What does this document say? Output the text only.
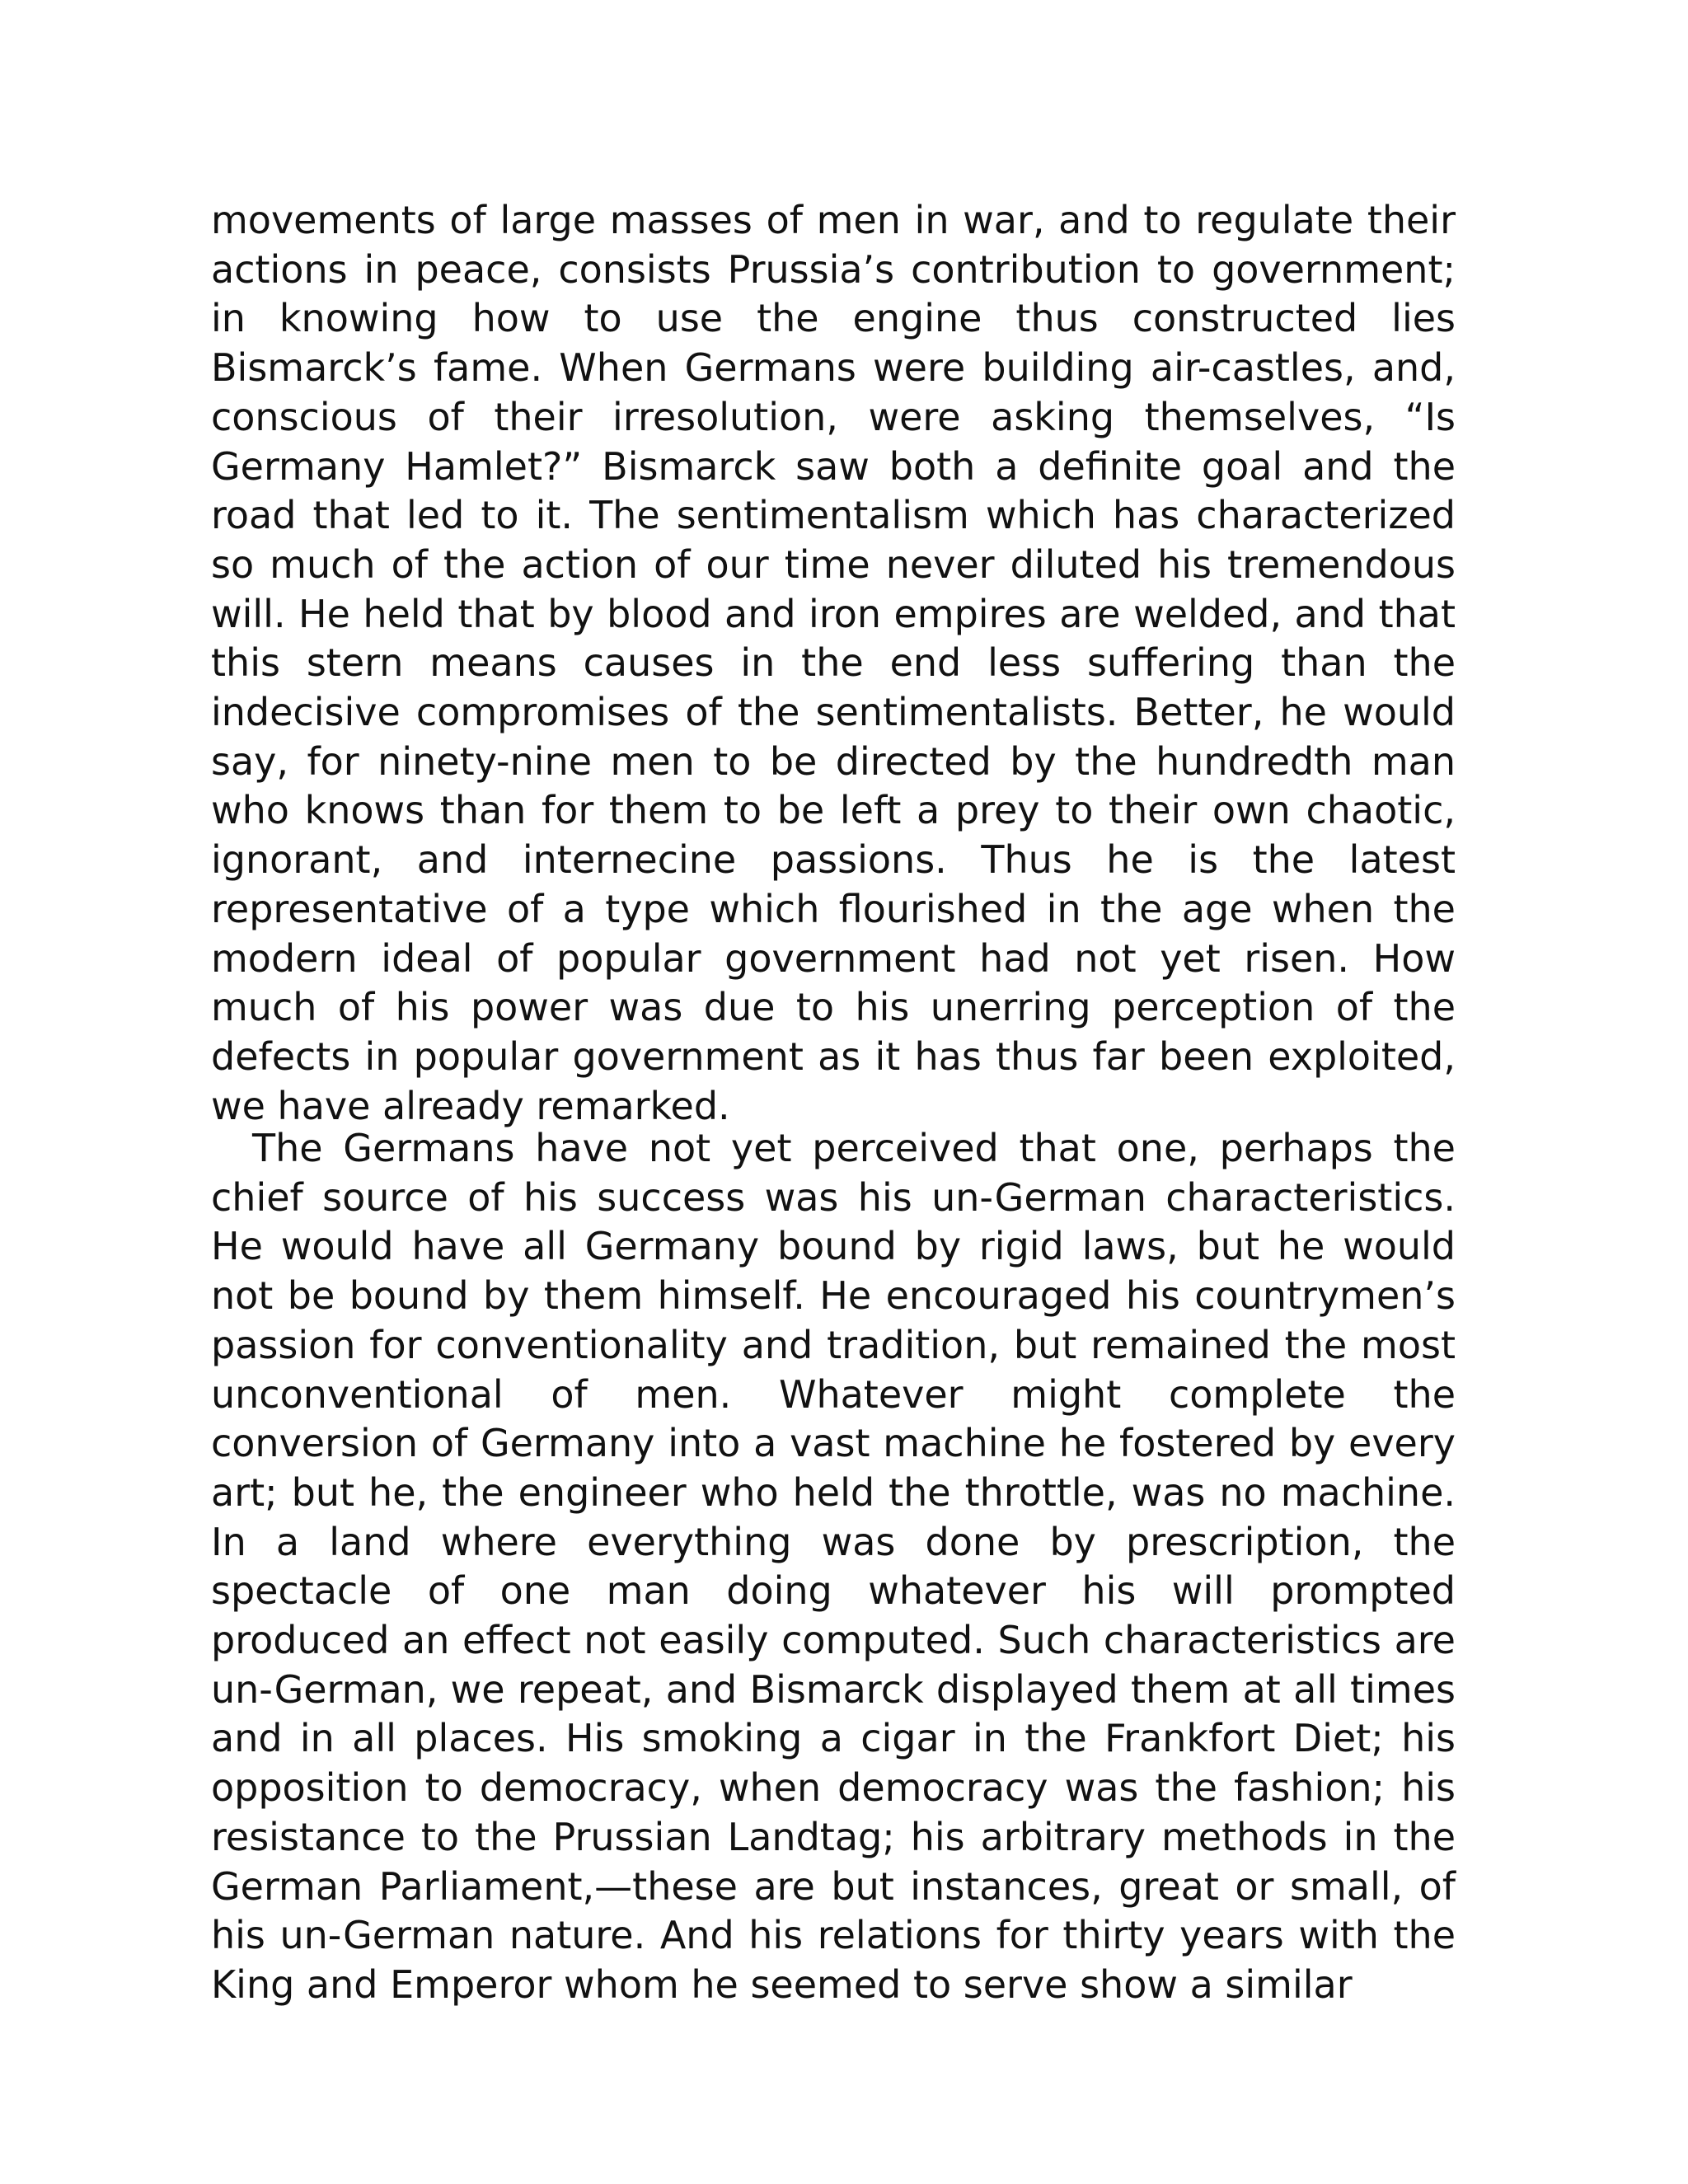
movements of large masses of men in war, and to regulate their actions in peace, consists Prussia’s contribution to government; in knowing how to use the engine thus constructed lies Bismarck’s fame. When Germans were building air-castles, and, conscious of their irresolution, were asking themselves, “Is Germany Hamlet?” Bismarck saw both a definite goal and the road that led to it. The sentimentalism which has characterized so much of the action of our time never diluted his tremendous will. He held that by blood and iron empires are welded, and that this stern means causes in the end less suffering than the indecisive compromises of the sentimentalists. Better, he would say, for ninety-nine men to be directed by the hundredth man who knows than for them to be left a prey to their own chaotic, ignorant, and internecine passions. Thus he is the latest representative of a type which flourished in the age when the modern ideal of popular government had not yet risen. How much of his power was due to his unerring perception of the defects in popular government as it has thus far been exploited, we have already remarked.

The Germans have not yet perceived that one, perhaps the chief source of his success was his un-German characteristics. He would have all Germany bound by rigid laws, but he would not be bound by them himself. He encouraged his countrymen’s passion for conventionality and tradition, but remained the most unconventional of men. Whatever might complete the conversion of Germany into a vast machine he fostered by every art; but he, the engineer who held the throttle, was no machine. In a land where everything was done by prescription, the spectacle of one man doing whatever his will prompted produced an effect not easily computed. Such characteristics are un-German, we repeat, and Bismarck displayed them at all times and in all places. His smoking a cigar in the Frankfort Diet; his opposition to democracy, when democracy was the fashion; his resistance to the Prussian Landtag; his arbitrary methods in the German Parliament,—these are but instances, great or small, of his un-German nature. And his relations for thirty years with the King and Emperor whom he seemed to serve show a similar
